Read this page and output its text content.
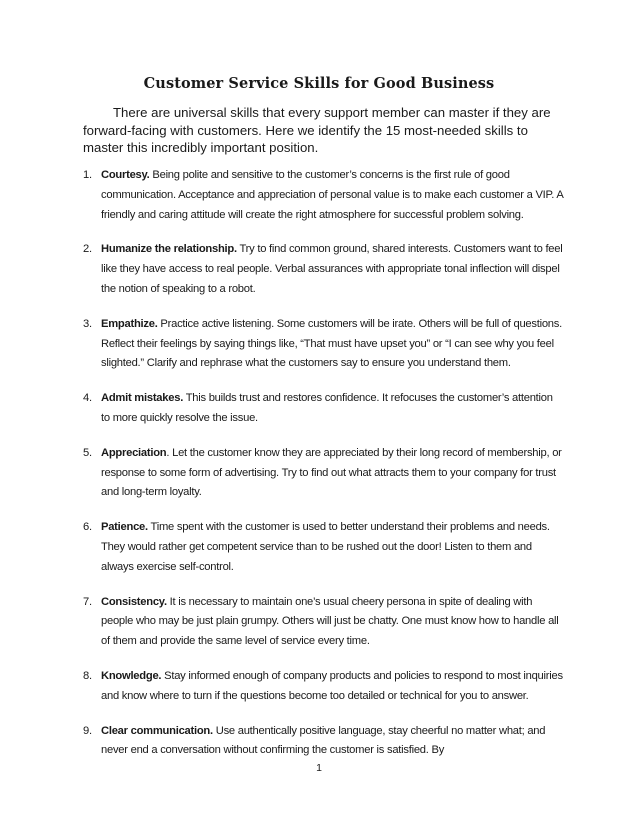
Customer Service Skills for Good Business

There are universal skills that every support member can master if they are forward-facing with customers. Here we identify the 15 most-needed skills to master this incredibly important position.

1. Courtesy. Being polite and sensitive to the customer’s concerns is the first rule of good communication. Acceptance and appreciation of personal value is to make each customer a VIP. A friendly and caring attitude will create the right atmosphere for successful problem solving.
2. Humanize the relationship. Try to find common ground, shared interests. Customers want to feel like they have access to real people. Verbal assurances with appropriate tonal inflection will dispel the notion of speaking to a robot.
3. Empathize. Practice active listening. Some customers will be irate. Others will be full of questions. Reflect their feelings by saying things like, “That must have upset you” or “I can see why you feel slighted.” Clarify and rephrase what the customers say to ensure you understand them.
4. Admit mistakes. This builds trust and restores confidence. It refocuses the customer’s attention to more quickly resolve the issue.
5. Appreciation. Let the customer know they are appreciated by their long record of membership, or response to some form of advertising. Try to find out what attracts them to your company for trust and long-term loyalty.
6. Patience. Time spent with the customer is used to better understand their problems and needs. They would rather get competent service than to be rushed out the door! Listen to them and always exercise self-control.
7. Consistency. It is necessary to maintain one’s usual cheery persona in spite of dealing with people who may be just plain grumpy. Others will just be chatty. One must know how to handle all of them and provide the same level of service every time.
8. Knowledge. Stay informed enough of company products and policies to respond to most inquiries and know where to turn if the questions become too detailed or technical for you to answer.
9. Clear communication. Use authentically positive language, stay cheerful no matter what; and never end a conversation without confirming the customer is satisfied. By
1
